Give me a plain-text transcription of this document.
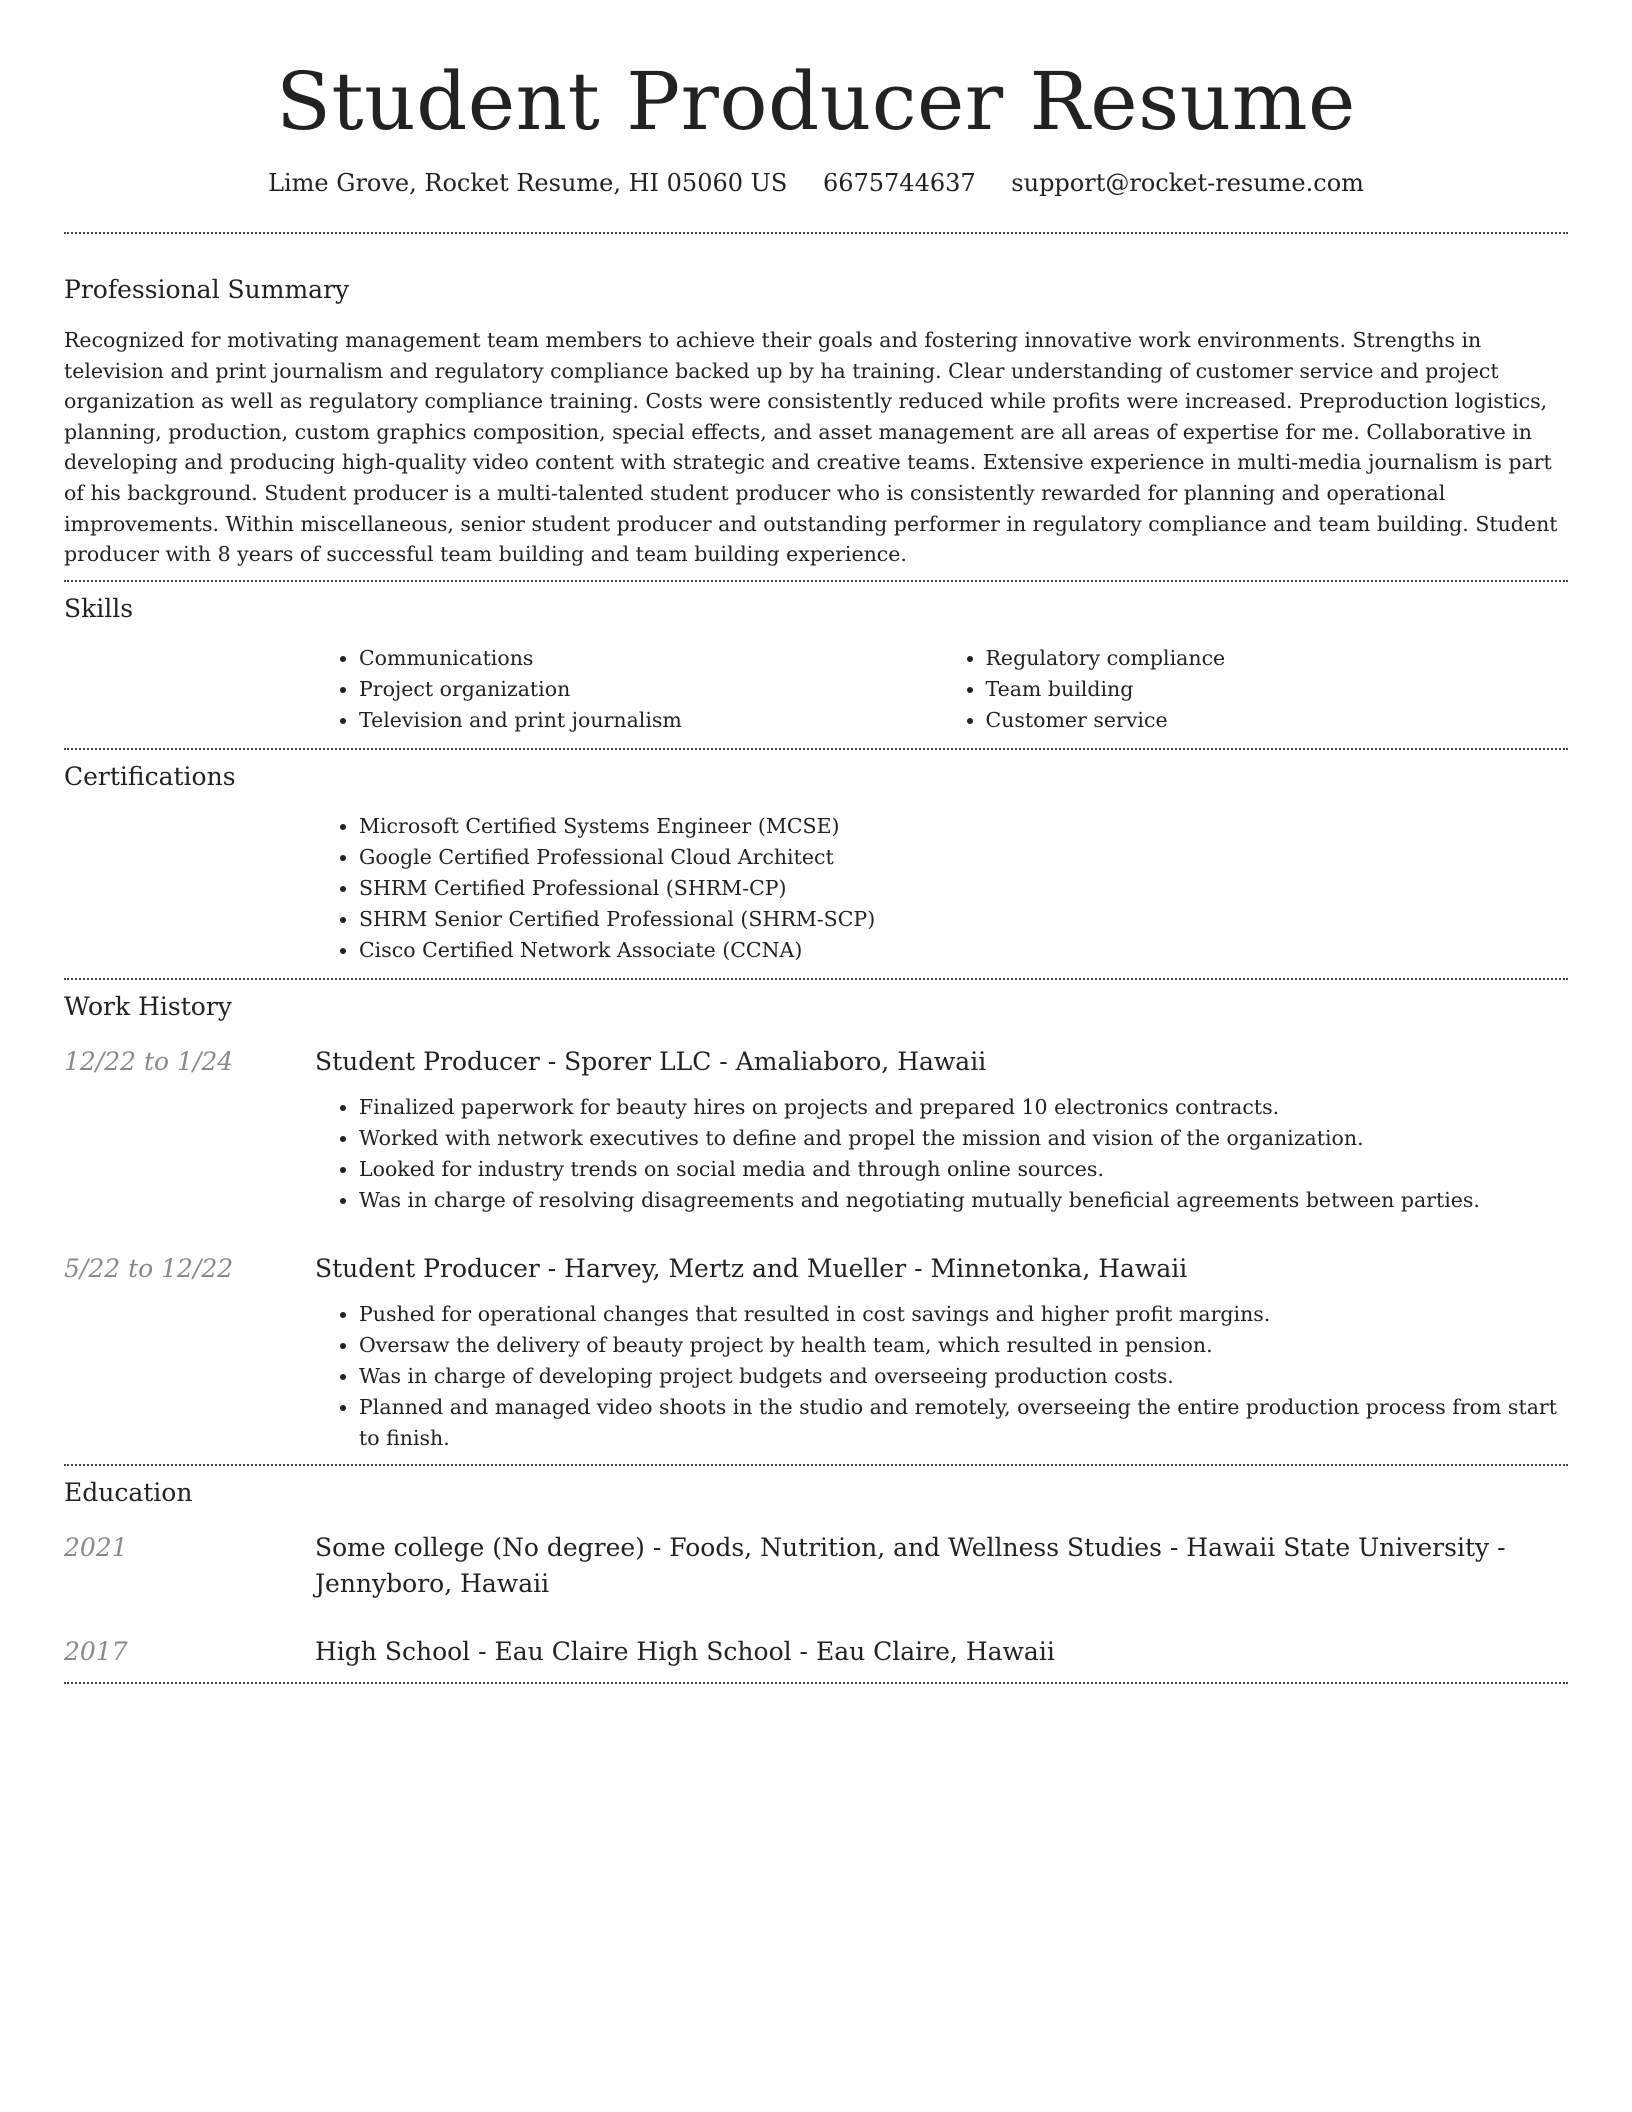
Student Producer Resume
Lime Grove, Rocket Resume, HI 05060 US 6675744637 support@rocket-resume.com
Professional Summary

Recognized for motivating management team members to achieve their goals and fostering innovative work environments. Strengths in television and print journalism and regulatory compliance backed up by ha training. Clear understanding of customer service and project organization as well as regulatory compliance training. Costs were consistently reduced while profits were increased. Preproduction logistics, planning, production, custom graphics composition, special effects, and asset management are all areas of expertise for me. Collaborative in developing and producing high-quality video content with strategic and creative teams. Extensive experience in multi-media journalism is part of his background. Student producer is a multi-talented student producer who is consistently rewarded for planning and operational improvements. Within miscellaneous, senior student producer and outstanding performer in regulatory compliance and team building. Student producer with 8 years of successful team building and team building experience.

Skills
• Communications
• Project organization
• Television and print journalism
• Regulatory compliance
• Team building
• Customer service
Certifications
• Microsoft Certified Systems Engineer (MCSE)
• Google Certified Professional Cloud Architect
• SHRM Certified Professional (SHRM-CP)
• SHRM Senior Certified Professional (SHRM-SCP)
• Cisco Certified Network Associate (CCNA)
Work History
12/22 to 1/24	Student Producer - Sporer LLC - Amaliaboro, Hawaii
• Finalized paperwork for beauty hires on projects and prepared 10 electronics contracts.
• Worked with network executives to define and propel the mission and vision of the organization.
• Looked for industry trends on social media and through online sources.
• Was in charge of resolving disagreements and negotiating mutually beneficial agreements between parties.
5/22 to 12/22	Student Producer - Harvey, Mertz and Mueller - Minnetonka, Hawaii
• Pushed for operational changes that resulted in cost savings and higher profit margins.
• Oversaw the delivery of beauty project by health team, which resulted in pension.
• Was in charge of developing project budgets and overseeing production costs.
• Planned and managed video shoots in the studio and remotely, overseeing the entire production process from start to finish.
Education
2021	Some college (No degree) - Foods, Nutrition, and Wellness Studies - Hawaii State University - Jennyboro, Hawaii
2017	High School - Eau Claire High School - Eau Claire, Hawaii
